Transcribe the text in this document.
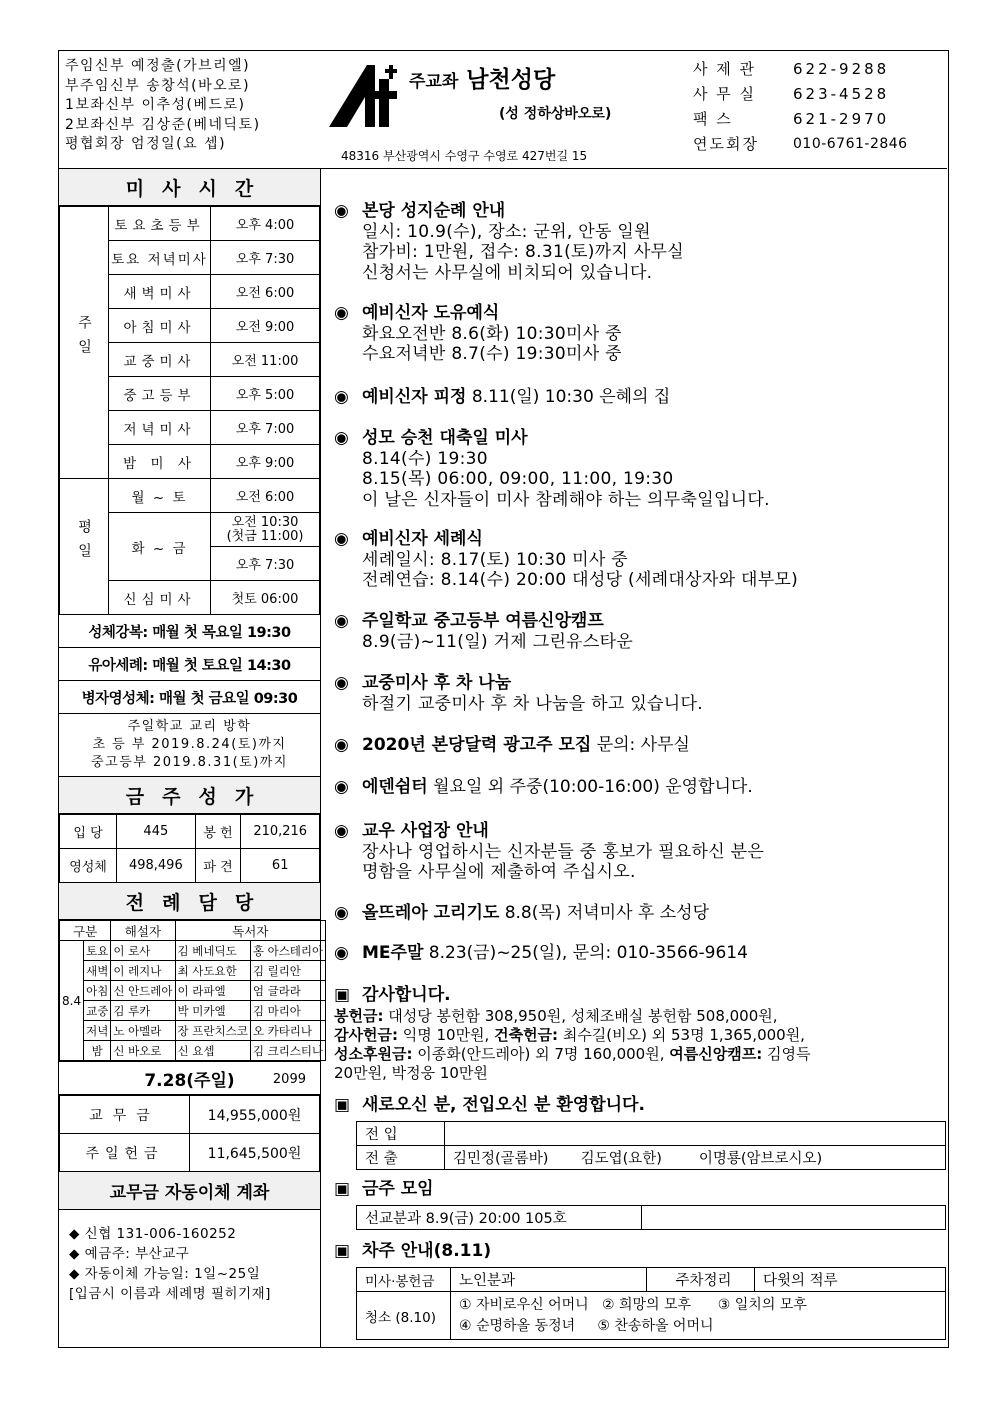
주임신부 예정출(가브리엘)
부주임신부 송창석(바오로)
1보좌신부 이추성(베드로)
2보좌신부 김상준(베네딕토)
평협회장 엄정일(요 셉)
주교좌 남천성당
(성 정하상바오로)
48316 부산광역시 수영구 수영로 427번길 15
사 제 관	622-9288
사 무 실	623-4528
팩 스	621-2970
연도회장	010-6761-2846
미사시간
주일	토요초등부	오후 4:00
	토요 저녁미사	오후 7:30
	새벽미사	오전 6:00
	아침미사	오전 9:00
	교중미사	오전 11:00
	중고등부	오후 5:00
	저녁미사	오후 7:00
	밤 미 사	오후 9:00
평일	월 ~ 토	오전 6:00
	화 ~ 금	오전 10:30
(첫금 11:00)

		오후 7:30
	신심미사	첫토 06:00
성체강복: 매월 첫 목요일 19:30
유아세례: 매월 첫 토요일 14:30
병자영성체: 매월 첫 금요일 09:30
주일학교 교리 방학
초 등 부 2019.8.24(토)까지
중고등부 2019.8.31(토)까지
금주성가
입 당	445	봉 헌	210,216
영성체	498,496	파 견	61
전례담당
구분		해설자	독서자	
8.4	토요	이 로사	김 베네딕도	홍 아스테리아
	새벽	이 레지나	최 사도요한	김 릴리안
	아침	신 안드레아	이 라파엘	엄 글라라
	교중	김 루카	박 미카엘	김 마리아
	저녁	노 아멜라	장 프란치스코	오 카타리나
	밤	신 바오로	신 요셉	김 크리스티나
7.28(주일)	2099
교무금	14,955,000원
주일헌금	11,645,500원
교무금 자동이체 계좌
◆ 신협 131-006-160252
◆ 예금주: 부산교구
◆ 자동이체 가능일: 1일~25일
[입금시 이름과 세례명 필히기재]
◉ 본당 성지순례 안내
일시: 10.9(수), 장소: 군위, 안동 일원
참가비: 1만원, 접수: 8.31(토)까지 사무실
신청서는 사무실에 비치되어 있습니다.
◉ 예비신자 도유예식
화요오전반 8.6(화) 10:30미사 중
수요저녁반 8.7(수) 19:30미사 중
◉ 예비신자 피정 8.11(일) 10:30 은혜의 집
◉ 성모 승천 대축일 미사
8.14(수) 19:30
8.15(목) 06:00, 09:00, 11:00, 19:30
이 날은 신자들이 미사 참례해야 하는 의무축일입니다.
◉ 예비신자 세례식
세례일시: 8.17(토) 10:30 미사 중
전례연습: 8.14(수) 20:00 대성당 (세례대상자와 대부모)
◉ 주일학교 중고등부 여름신앙캠프
8.9(금)~11(일) 거제 그린유스타운
◉ 교중미사 후 차 나눔
하절기 교중미사 후 차 나눔을 하고 있습니다.
◉ 2020년 본당달력 광고주 모집 문의: 사무실
◉ 에덴쉼터 월요일 외 주중(10:00-16:00) 운영합니다.
◉ 교우 사업장 안내
장사나 영업하시는 신자분들 중 홍보가 필요하신 분은
명함을 사무실에 제출하여 주십시오.
◉ 올뜨레아 고리기도 8.8(목) 저녁미사 후 소성당
◉ ME주말 8.23(금)~25(일), 문의: 010-3566-9614
▣ 감사합니다.
봉헌금: 대성당 봉헌함 308,950원, 성체조배실 봉헌함 508,000원,
감사헌금: 익명 10만원, 건축헌금: 최수길(비오) 외 53명 1,365,000원,
성소후원금: 이종화(안드레아) 외 7명 160,000원, 여름신앙캠프: 김영득
20만원, 박정웅 10만원
▣ 새로오신 분, 전입오신 분 환영합니다.
전 입	
전 출	김민정(골롬바)       김도엽(요한)        이명룡(암브로시오)
▣ 금주 모임
선교분과 8.9(금) 20:00 105호	
▣ 차주 안내(8.11)
미사·봉헌금	노인분과	주차정리	다윗의 적루
청소 (8.10)	① 자비로우신 어머니   ② 희망의 모후      ③ 일치의 모후
④ 순명하올 동정녀     ⑤ 찬송하올 어머니		
